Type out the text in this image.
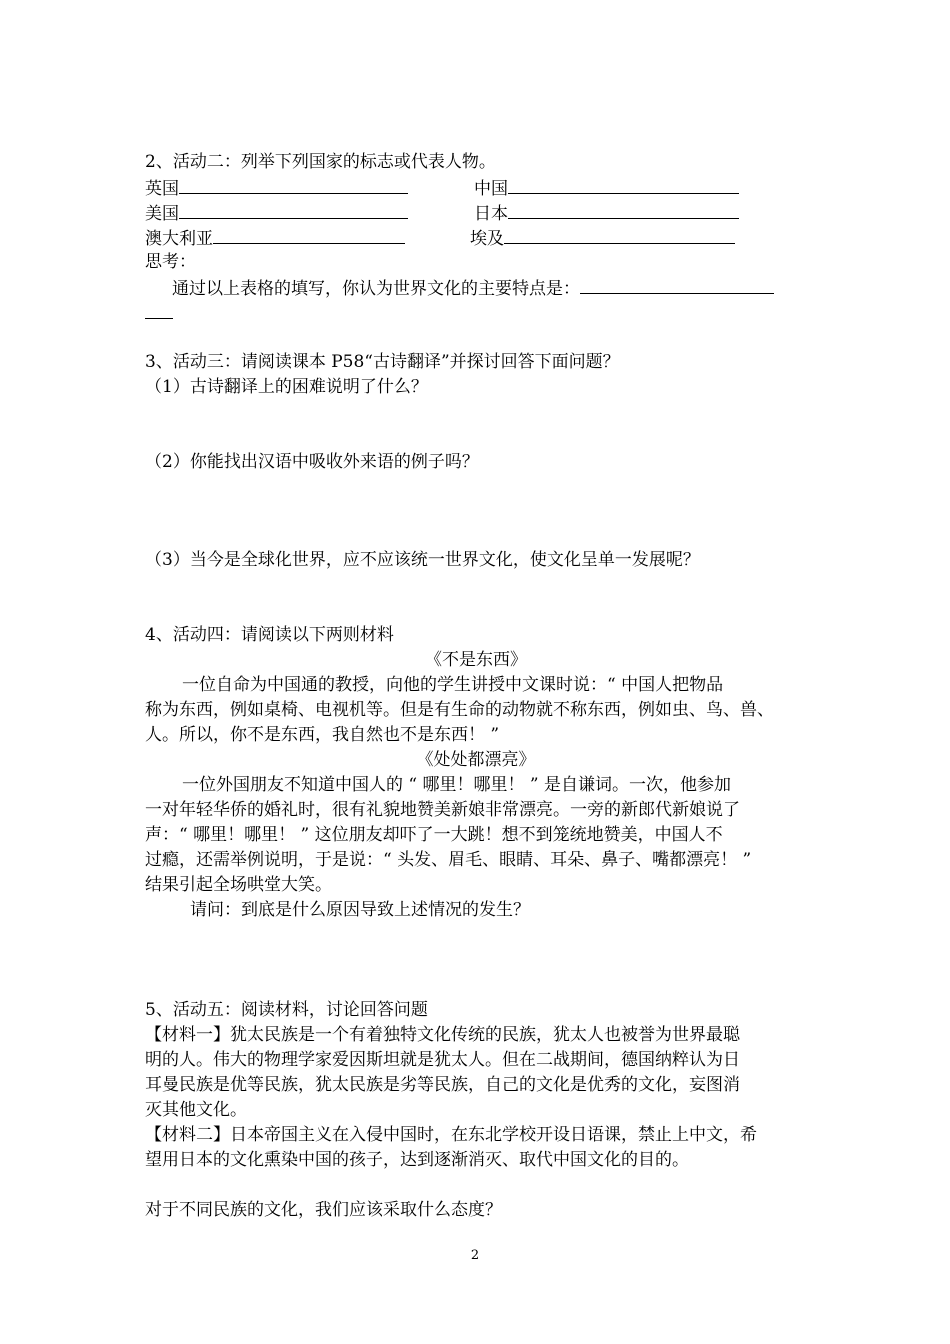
2、活动二：列举下列国家的标志或代表人物。
英国	中国
美国	日本
澳大利亚	埃及
思考：
通过以上表格的填写，你认为世界文化的主要特点是：
3、活动三：请阅读课本 P58“古诗翻译”并探讨回答下面问题？
（1）古诗翻译上的困难说明了什么？
（2）你能找出汉语中吸收外来语的例子吗？
（3）当今是全球化世界，应不应该统一世界文化，使文化呈单一发展呢？
4、活动四：请阅读以下两则材料
《不是东西》
一位自命为中国通的教授，向他的学生讲授中文课时说：“ 中国人把物品
称为东西，例如桌椅、电视机等。但是有生命的动物就不称东西，例如虫、鸟、兽、
人。所以，你不是东西，我自然也不是东西！ ”
《处处都漂亮》
一位外国朋友不知道中国人的 “ 哪里！哪里！ ” 是自谦词。一次，他参加
一对年轻华侨的婚礼时，很有礼貌地赞美新娘非常漂亮。一旁的新郎代新娘说了
声：“ 哪里！哪里！ ” 这位朋友却吓了一大跳！想不到笼统地赞美，中国人不
过瘾，还需举例说明，于是说：“ 头发、眉毛、眼睛、耳朵、鼻子、嘴都漂亮！ ”
结果引起全场哄堂大笑。
请问：到底是什么原因导致上述情况的发生？
5、活动五：阅读材料，讨论回答问题
【材料一】犹太民族是一个有着独特文化传统的民族，犹太人也被誉为世界最聪
明的人。伟大的物理学家爱因斯坦就是犹太人。但在二战期间，德国纳粹认为日
耳曼民族是优等民族，犹太民族是劣等民族，自己的文化是优秀的文化，妄图消
灭其他文化。
【材料二】日本帝国主义在入侵中国时，在东北学校开设日语课，禁止上中文，希
望用日本的文化熏染中国的孩子，达到逐渐消灭、取代中国文化的目的。
对于不同民族的文化，我们应该采取什么态度？
2
